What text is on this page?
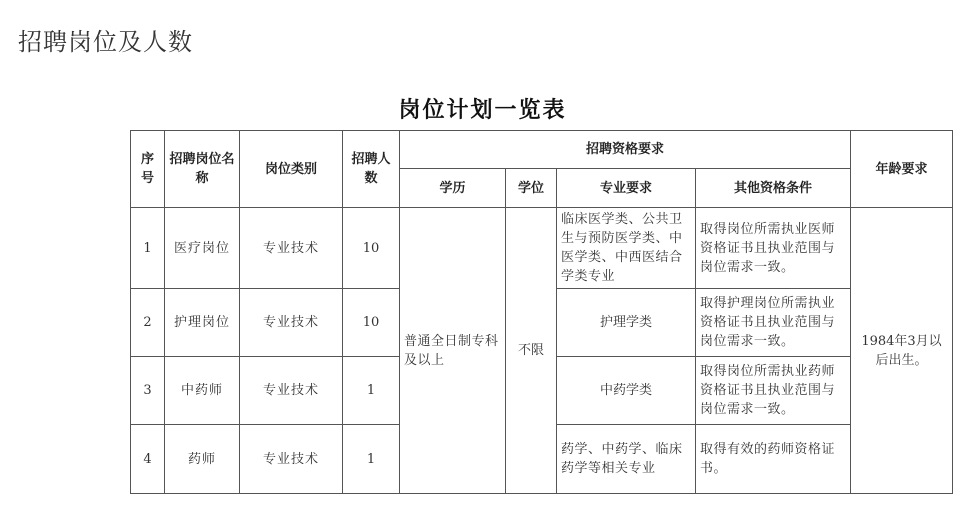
招聘岗位及人数
岗位计划一览表
序号	招聘岗位名称	岗位类别	招聘人数	招聘资格要求				年龄要求
				学历	学位	专业要求	其他资格条件	
1	医疗岗位	专业技术	10	普通全日制专科及以上	不限	临床医学类、公共卫生与预防医学类、中医学类、中西医结合学类专业	取得岗位所需执业医师资格证书且执业范围与岗位需求一致。	1984年3月以后出生。
2	护理岗位	专业技术	10			护理学类	取得护理岗位所需执业资格证书且执业范围与岗位需求一致。	
3	中药师	专业技术	1			中药学类	取得岗位所需执业药师资格证书且执业范围与岗位需求一致。	
4	药师	专业技术	1			药学、中药学、临床药学等相关专业	取得有效的药师资格证书。	
